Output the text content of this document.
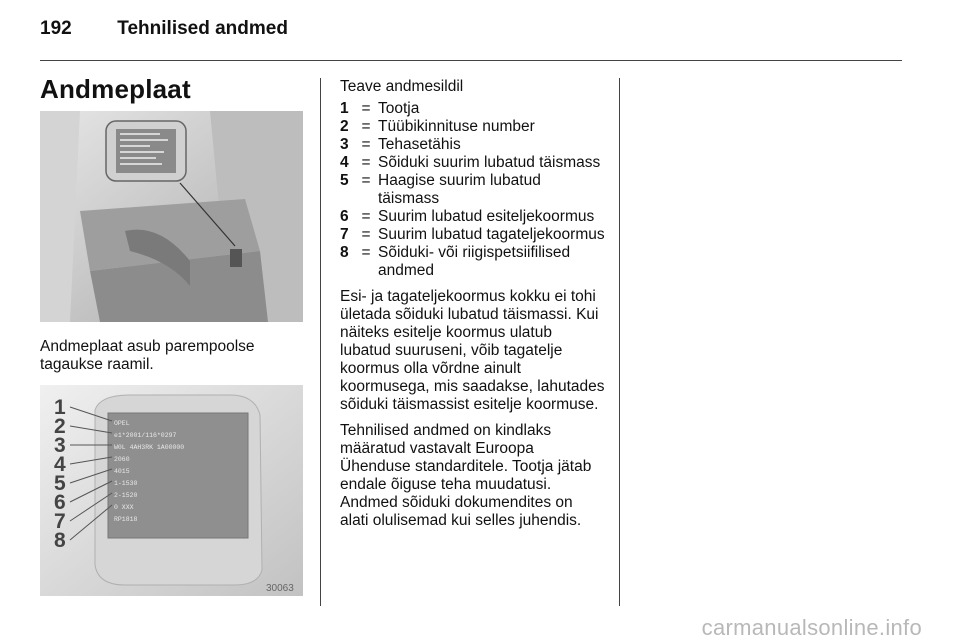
192 Tehnilised andmed
Andmeplaat
Andmeplaat asub parempoolse tagaukse raamil.
OPEL
e1*2001/116*0297
W0L 4AH3RK 1A00000
2060
4015
1-1530
2-1520
0 XXX
RP1818
1
2
3
4
5
6
7
8
30063
Teave andmesildil
1 = Tootja
2 = Tüübikinnituse number
3 = Tehasetähis
4 = Sõiduki suurim lubatud täismass
5 = Haagise suurim lubatud täismass
6 = Suurim lubatud esiteljekoormus
7 = Suurim lubatud tagateljekoormus
8 = Sõiduki- või riigispetsiifilised andmed

Esi- ja tagateljekoormus kokku ei tohi ületada sõiduki lubatud täismassi. Kui näiteks esitelje koormus ulatub lubatud suuruseni, võib tagatelje koormus olla võrdne ainult koormusega, mis saadakse, lahutades sõiduki täismassist esitelje koormuse.

Tehnilised andmed on kindlaks määratud vastavalt Euroopa Ühenduse standarditele. Tootja jätab endale õiguse teha muudatusi. Andmed sõiduki dokumendites on alati olulisemad kui selles juhendis.

carmanualsonline.info
